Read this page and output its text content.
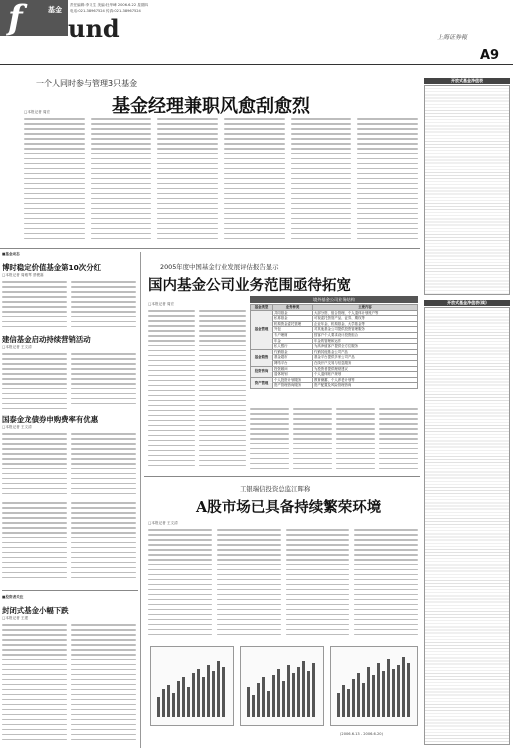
基金
f und
责任编辑:李义生 美编:杜华峰 2006.6.22 星期四
电话:021-38967524 传真:021-38967524
上海证券報
A9
一个人同时参与管理3只基金
基金经理兼职风愈刮愈烈
□本报记者 周宏
开放式基金净值表
开放式基金净值表(续)
■基金动态
博时稳定价值基金第10次分红
□本报记者 周雅琴 蔡俊嘉
建信基金启动持续营销活动
□本报记者 王文清
国泰金龙债券申购费率有优惠
□本报记者 王文清
2005年度中国基金行业发展评估报告显示
国内基金公司业务范围亟待拓宽
□本报记者 周宏
境外基金公司业务结构
基金类型	业务种类	主要内容
基金管理	共同基金	大部分资、组合管理、个人退休计划账户等
	私募基金	可视委托资管产品、证券、期权等
	机构资金委托管理	企业年金、机构基金、大学基金等
	外包	对其他基金公司提供投资管理服务
	专户理财	按客户个人要求设计投资组合
	年金	年金的管理和运作
	私人银行	为高净值客户提供全方位服务
基金销售	代销基金	代销其他基金公司产品
	基金超市	基金平台提供多家公司产品
	网络平台	在线开户交易与信息服务
投资咨询	投资顾问	为投资者提供理财建议
	退休规划	个人退休账户规划
资产管理	个人投资计划服务	教育储蓄、个人养老计划等
	资产管理咨询服务	资产配置及风险管理咨询
工银瑞信投资总监江晖称
A股市场已具备持续繁荣环境
□本报记者 王文清
(2006.6.13 - 2006.6.20)
■投资者关注
封闭式基金小幅下跌
□本报记者 王建
